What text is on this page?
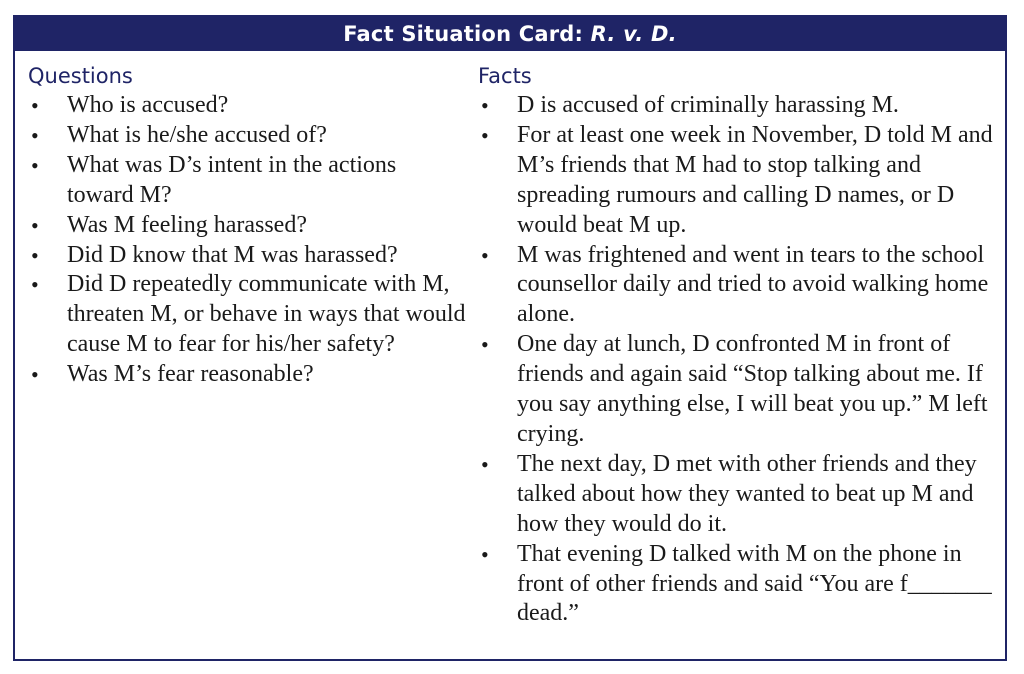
Fact Situation Card: R. v. D.
Questions
• Who is accused?
• What is he/she accused of?
• What was D’s intent in the actions toward M?
• Was M feeling harassed?
• Did D know that M was harassed?
• Did D repeatedly communicate with M, threaten M, or behave in ways that would cause M to fear for his/her safety?
• Was M’s fear reasonable?
Facts
• D is accused of criminally harassing M.
• For at least one week in November, D told M and M’s friends that M had to stop talking and spreading rumours and calling D names, or D would beat M up.
• M was frightened and went in tears to the school counsellor daily and tried to avoid walking home alone.
• One day at lunch, D confronted M in front of friends and again said “Stop talking about me. If you say anything else, I will beat you up.” M left crying.
• The next day, D met with other friends and they talked about how they wanted to beat up M and how they would do it.
• That evening D talked with M on the phone in front of other friends and said “You are f_______ dead.”
